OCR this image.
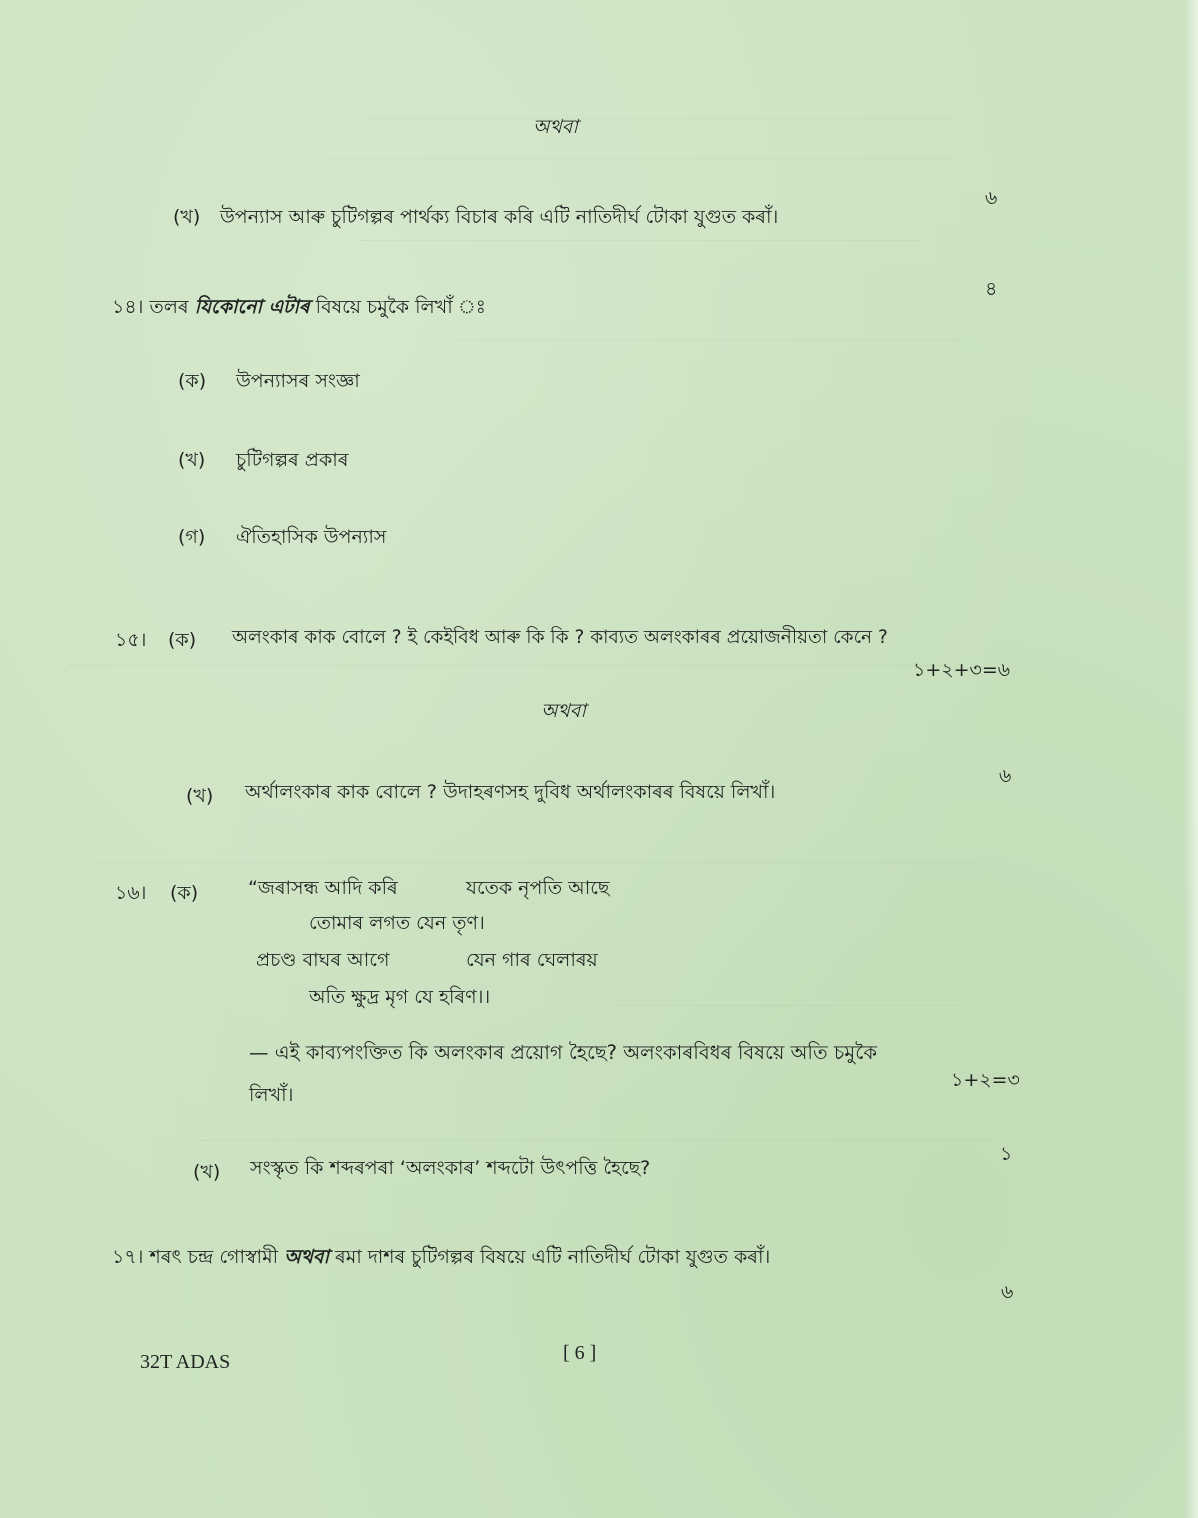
অথবা
(খ) উপন্যাস আৰু চুটিগল্পৰ পাৰ্থক্য বিচাৰ কৰি এটি নাতিদীৰ্ঘ টোকা যুগুত কৰাঁ।
৬
১৪। তলৰ যিকোনো এটাৰ বিষয়ে চমুকৈ লিখাঁ ঃ
৪
(ক) উপন্যাসৰ সংজ্ঞা
(খ) চুটিগল্পৰ প্ৰকাৰ
(গ) ঐতিহাসিক উপন্যাস
১৫। (ক) অলংকাৰ কাক বোলে ? ই কেইবিধ আৰু কি কি ? কাব্যত অলংকাৰৰ প্ৰয়োজনীয়তা কেনে ?
১+২+৩=৬
অথবা
(খ) অৰ্থালংকাৰ কাক বোলে ? উদাহৰণসহ দুবিধ অৰ্থালংকাৰৰ বিষয়ে লিখাঁ।
৬
১৬। (ক)	“জৰাসন্ধ আদি কৰি	যতেক নৃপতি আছে
তোমাৰ লগত যেন তৃণ।
প্ৰচণ্ড বাঘৰ আগে	যেন গাৰ ঘেলাৰয়
অতি ক্ষুদ্ৰ মৃগ যে হৰিণ।।
— এই কাব্যপংক্তিত কি অলংকাৰ প্ৰয়োগ হৈছে? অলংকাৰবিধৰ বিষয়ে অতি চমুকৈ
লিখাঁ।
১+২=৩
(খ) সংস্কৃত কি শব্দৰপৰা ‘অলংকাৰ’ শব্দটো উৎপত্তি হৈছে?
১
১৭। শৰৎ চন্দ্ৰ গোস্বামী অথবা ৰমা দাশৰ চুটিগল্পৰ বিষয়ে এটি নাতিদীৰ্ঘ টোকা যুগুত কৰাঁ।
৬
32T ADAS	[ 6 ]
